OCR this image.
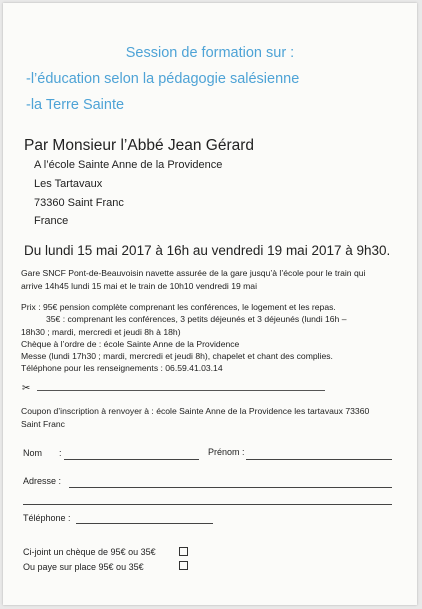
Session de formation sur :
-l’éducation selon la pédagogie salésienne
-la Terre Sainte
Par Monsieur l’Abbé Jean Gérard
A l’école Sainte Anne de la Providence
Les Tartavaux
73360 Saint Franc
France
Du lundi 15 mai 2017 à 16h au vendredi 19 mai 2017 à 9h30.
Gare SNCF Pont-de-Beauvoisin navette assurée de la gare jusqu’à l’école pour le train qui
arrive 14h45 lundi 15 mai et le train de 10h10 vendredi 19 mai
Prix : 95€ pension complète comprenant les conférences, le logement et les repas.
35€ : comprenant les conférences, 3 petits déjeunés et 3 déjeunés (lundi 16h –
18h30 ; mardi, mercredi et jeudi 8h à 18h)
Chèque à l’ordre de : école Sainte Anne de la Providence
Messe (lundi 17h30 ; mardi, mercredi et jeudi 8h), chapelet et chant des complies.
Téléphone pour les renseignements : 06.59.41.03.14
✂
Coupon d’inscription à renvoyer à : école Sainte Anne de la Providence les tartavaux 73360
Saint Franc
Nom :	Prénom :
Adresse :
Téléphone :
Ci-joint un chèque de 95€ ou 35€
Ou paye sur place 95€ ou 35€
